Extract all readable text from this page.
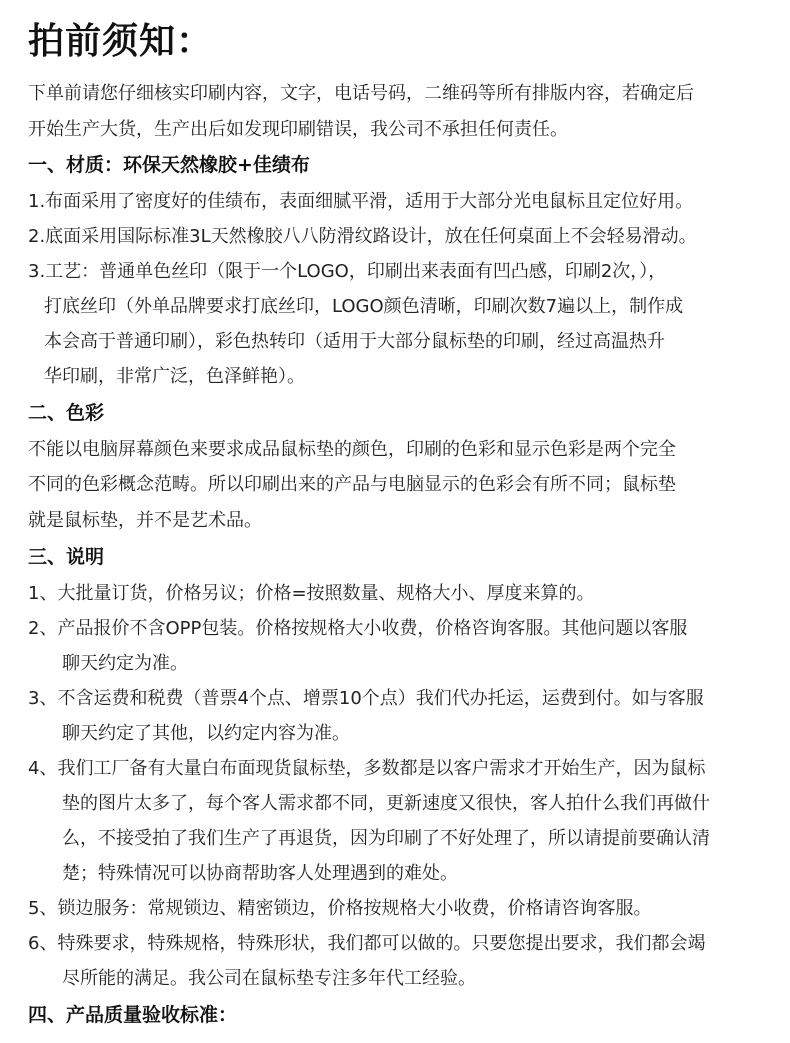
拍前须知：
下单前请您仔细核实印刷内容，文字，电话号码，二维码等所有排版内容，若确定后
开始生产大货，生产出后如发现印刷错误，我公司不承担任何责任。
一、材质：环保天然橡胶+佳绩布
1.布面采用了密度好的佳绩布，表面细腻平滑，适用于大部分光电鼠标且定位好用。
2.底面采用国际标准3L天然橡胶八八防滑纹路设计，放在任何桌面上不会轻易滑动。
3.工艺：普通单色丝印（限于一个LOGO，印刷出来表面有凹凸感，印刷2次，），
打底丝印（外单品牌要求打底丝印，LOGO颜色清晰，印刷次数7遍以上，制作成
本会高于普通印刷），彩色热转印（适用于大部分鼠标垫的印刷，经过高温热升
华印刷，非常广泛，色泽鲜艳）。
二、色彩
不能以电脑屏幕颜色来要求成品鼠标垫的颜色，印刷的色彩和显示色彩是两个完全
不同的色彩概念范畴。所以印刷出来的产品与电脑显示的色彩会有所不同；鼠标垫
就是鼠标垫，并不是艺术品。
三、说明
1、大批量订货，价格另议；价格=按照数量、规格大小、厚度来算的。
2、产品报价不含OPP包装。价格按规格大小收费，价格咨询客服。其他问题以客服
聊天约定为准。
3、不含运费和税费（普票4个点、增票10个点）我们代办托运，运费到付。如与客服
聊天约定了其他，以约定内容为准。
4、我们工厂备有大量白布面现货鼠标垫，多数都是以客户需求才开始生产，因为鼠标
垫的图片太多了，每个客人需求都不同，更新速度又很快，客人拍什么我们再做什
么，不接受拍了我们生产了再退货，因为印刷了不好处理了，所以请提前要确认清
楚；特殊情况可以协商帮助客人处理遇到的难处。
5、锁边服务：常规锁边、精密锁边，价格按规格大小收费，价格请咨询客服。
6、特殊要求，特殊规格，特殊形状，我们都可以做的。只要您提出要求，我们都会竭
尽所能的满足。我公司在鼠标垫专注多年代工经验。
四、产品质量验收标准：
